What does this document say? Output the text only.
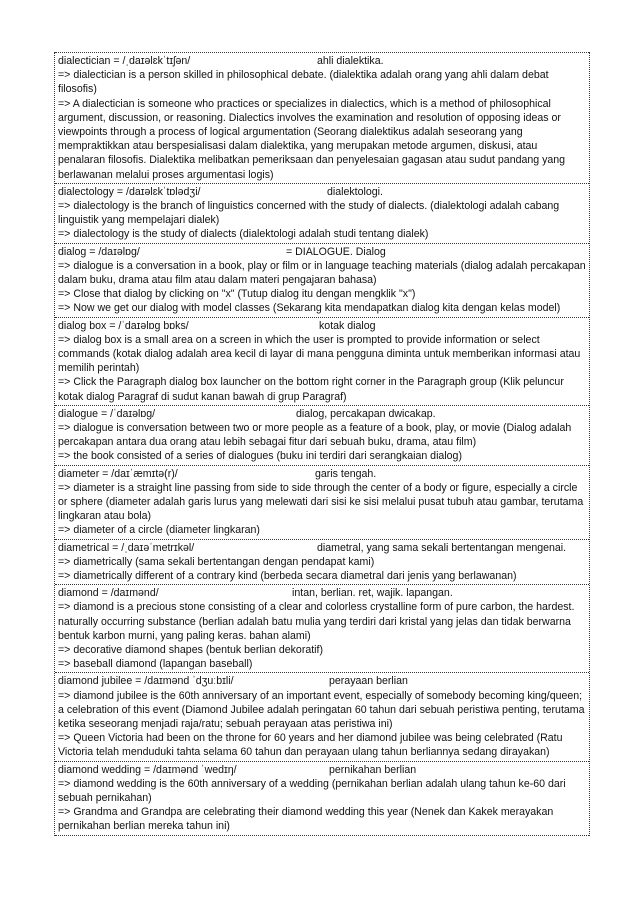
dialectician = /ˌdaɪəlɛkˈtɪʃən/	ahli dialektika.
=> dialectician is a person skilled in philosophical debate. (dialektika adalah orang yang ahli dalam debat filosofis)
=> A dialectician is someone who practices or specializes in dialectics, which is a method of philosophical argument, discussion, or reasoning. Dialectics involves the examination and resolution of opposing ideas or viewpoints through a process of logical argumentation (Seorang dialektikus adalah seseorang yang mempraktikkan atau berspesialisasi dalam dialektika, yang merupakan metode argumen, diskusi, atau penalaran filosofis. Dialektika melibatkan pemeriksaan dan penyelesaian gagasan atau sudut pandang yang berlawanan melalui proses argumentasi logis)
dialectology = /daɪəlɛkˈtɒlədʒi/	dialektologi.
=> dialectology is the branch of linguistics concerned with the study of dialects. (dialektologi adalah cabang linguistik yang mempelajari dialek)
=> dialectology is the study of dialects (dialektologi adalah studi tentang dialek)
dialog = /daɪəlɒg/	= DIALOGUE. Dialog
=> dialogue is a conversation in a book, play or film or in language teaching materials (dialog adalah percakapan dalam buku, drama atau film atau dalam materi pengajaran bahasa)
=> Close that dialog by clicking on "x" (Tutup dialog itu dengan mengklik "x")
=> Now we get our dialog with model classes (Sekarang kita mendapatkan dialog kita dengan kelas model)
dialog box = /ˈdaɪəlɒg bɒks/	kotak dialog
=> dialog box is a small area on a screen in which the user is prompted to provide information or select commands (kotak dialog adalah area kecil di layar di mana pengguna diminta untuk memberikan informasi atau memilih perintah)
=> Click the Paragraph dialog box launcher on the bottom right corner in the Paragraph group (Klik peluncur kotak dialog Paragraf di sudut kanan bawah di grup Paragraf)
dialogue = /ˈdaɪəlɒg/	dialog, percakapan dwicakap.
=> dialogue is conversation between two or more people as a feature of a book, play, or movie (Dialog adalah percakapan antara dua orang atau lebih sebagai fitur dari sebuah buku, drama, atau film)
=> the book consisted of a series of dialogues (buku ini terdiri dari serangkaian dialog)
diameter = /daɪˈæmɪtə(r)/	garis tengah.
=> diameter is a straight line passing from side to side through the center of a body or figure, especially a circle or sphere (diameter adalah garis lurus yang melewati dari sisi ke sisi melalui pusat tubuh atau gambar, terutama lingkaran atau bola)
=> diameter of a circle (diameter lingkaran)
diametrical = /ˌdaɪəˈmetrɪkəl/	diametral, yang sama sekali bertentangan mengenai.
=> diametrically (sama sekali bertentangan dengan pendapat kami)
=> diametrically different of a contrary kind (berbeda secara diametral dari jenis yang berlawanan)
diamond = /daɪmənd/	intan, berlian. ret, wajik. lapangan.
=> diamond is a precious stone consisting of a clear and colorless crystalline form of pure carbon, the hardest. naturally occurring substance (berlian adalah batu mulia yang terdiri dari kristal yang jelas dan tidak berwarna bentuk karbon murni, yang paling keras. bahan alami)
=> decorative diamond shapes (bentuk berlian dekoratif)
=> baseball diamond (lapangan baseball)
diamond jubilee = /daɪmənd ˈdʒuːbɪli/	perayaan berlian
=> diamond jubilee is the 60th anniversary of an important event, especially of somebody becoming king/queen; a celebration of this event (Diamond Jubilee adalah peringatan 60 tahun dari sebuah peristiwa penting, terutama ketika seseorang menjadi raja/ratu; sebuah perayaan atas peristiwa ini)
=> Queen Victoria had been on the throne for 60 years and her diamond jubilee was being celebrated (Ratu Victoria telah menduduki tahta selama 60 tahun dan perayaan ulang tahun berliannya sedang dirayakan)
diamond wedding = /daɪmənd ˈwedɪŋ/	pernikahan berlian
=> diamond wedding is the 60th anniversary of a wedding (pernikahan berlian adalah ulang tahun ke-60 dari sebuah pernikahan)
=> Grandma and Grandpa are celebrating their diamond wedding this year (Nenek dan Kakek merayakan pernikahan berlian mereka tahun ini)
